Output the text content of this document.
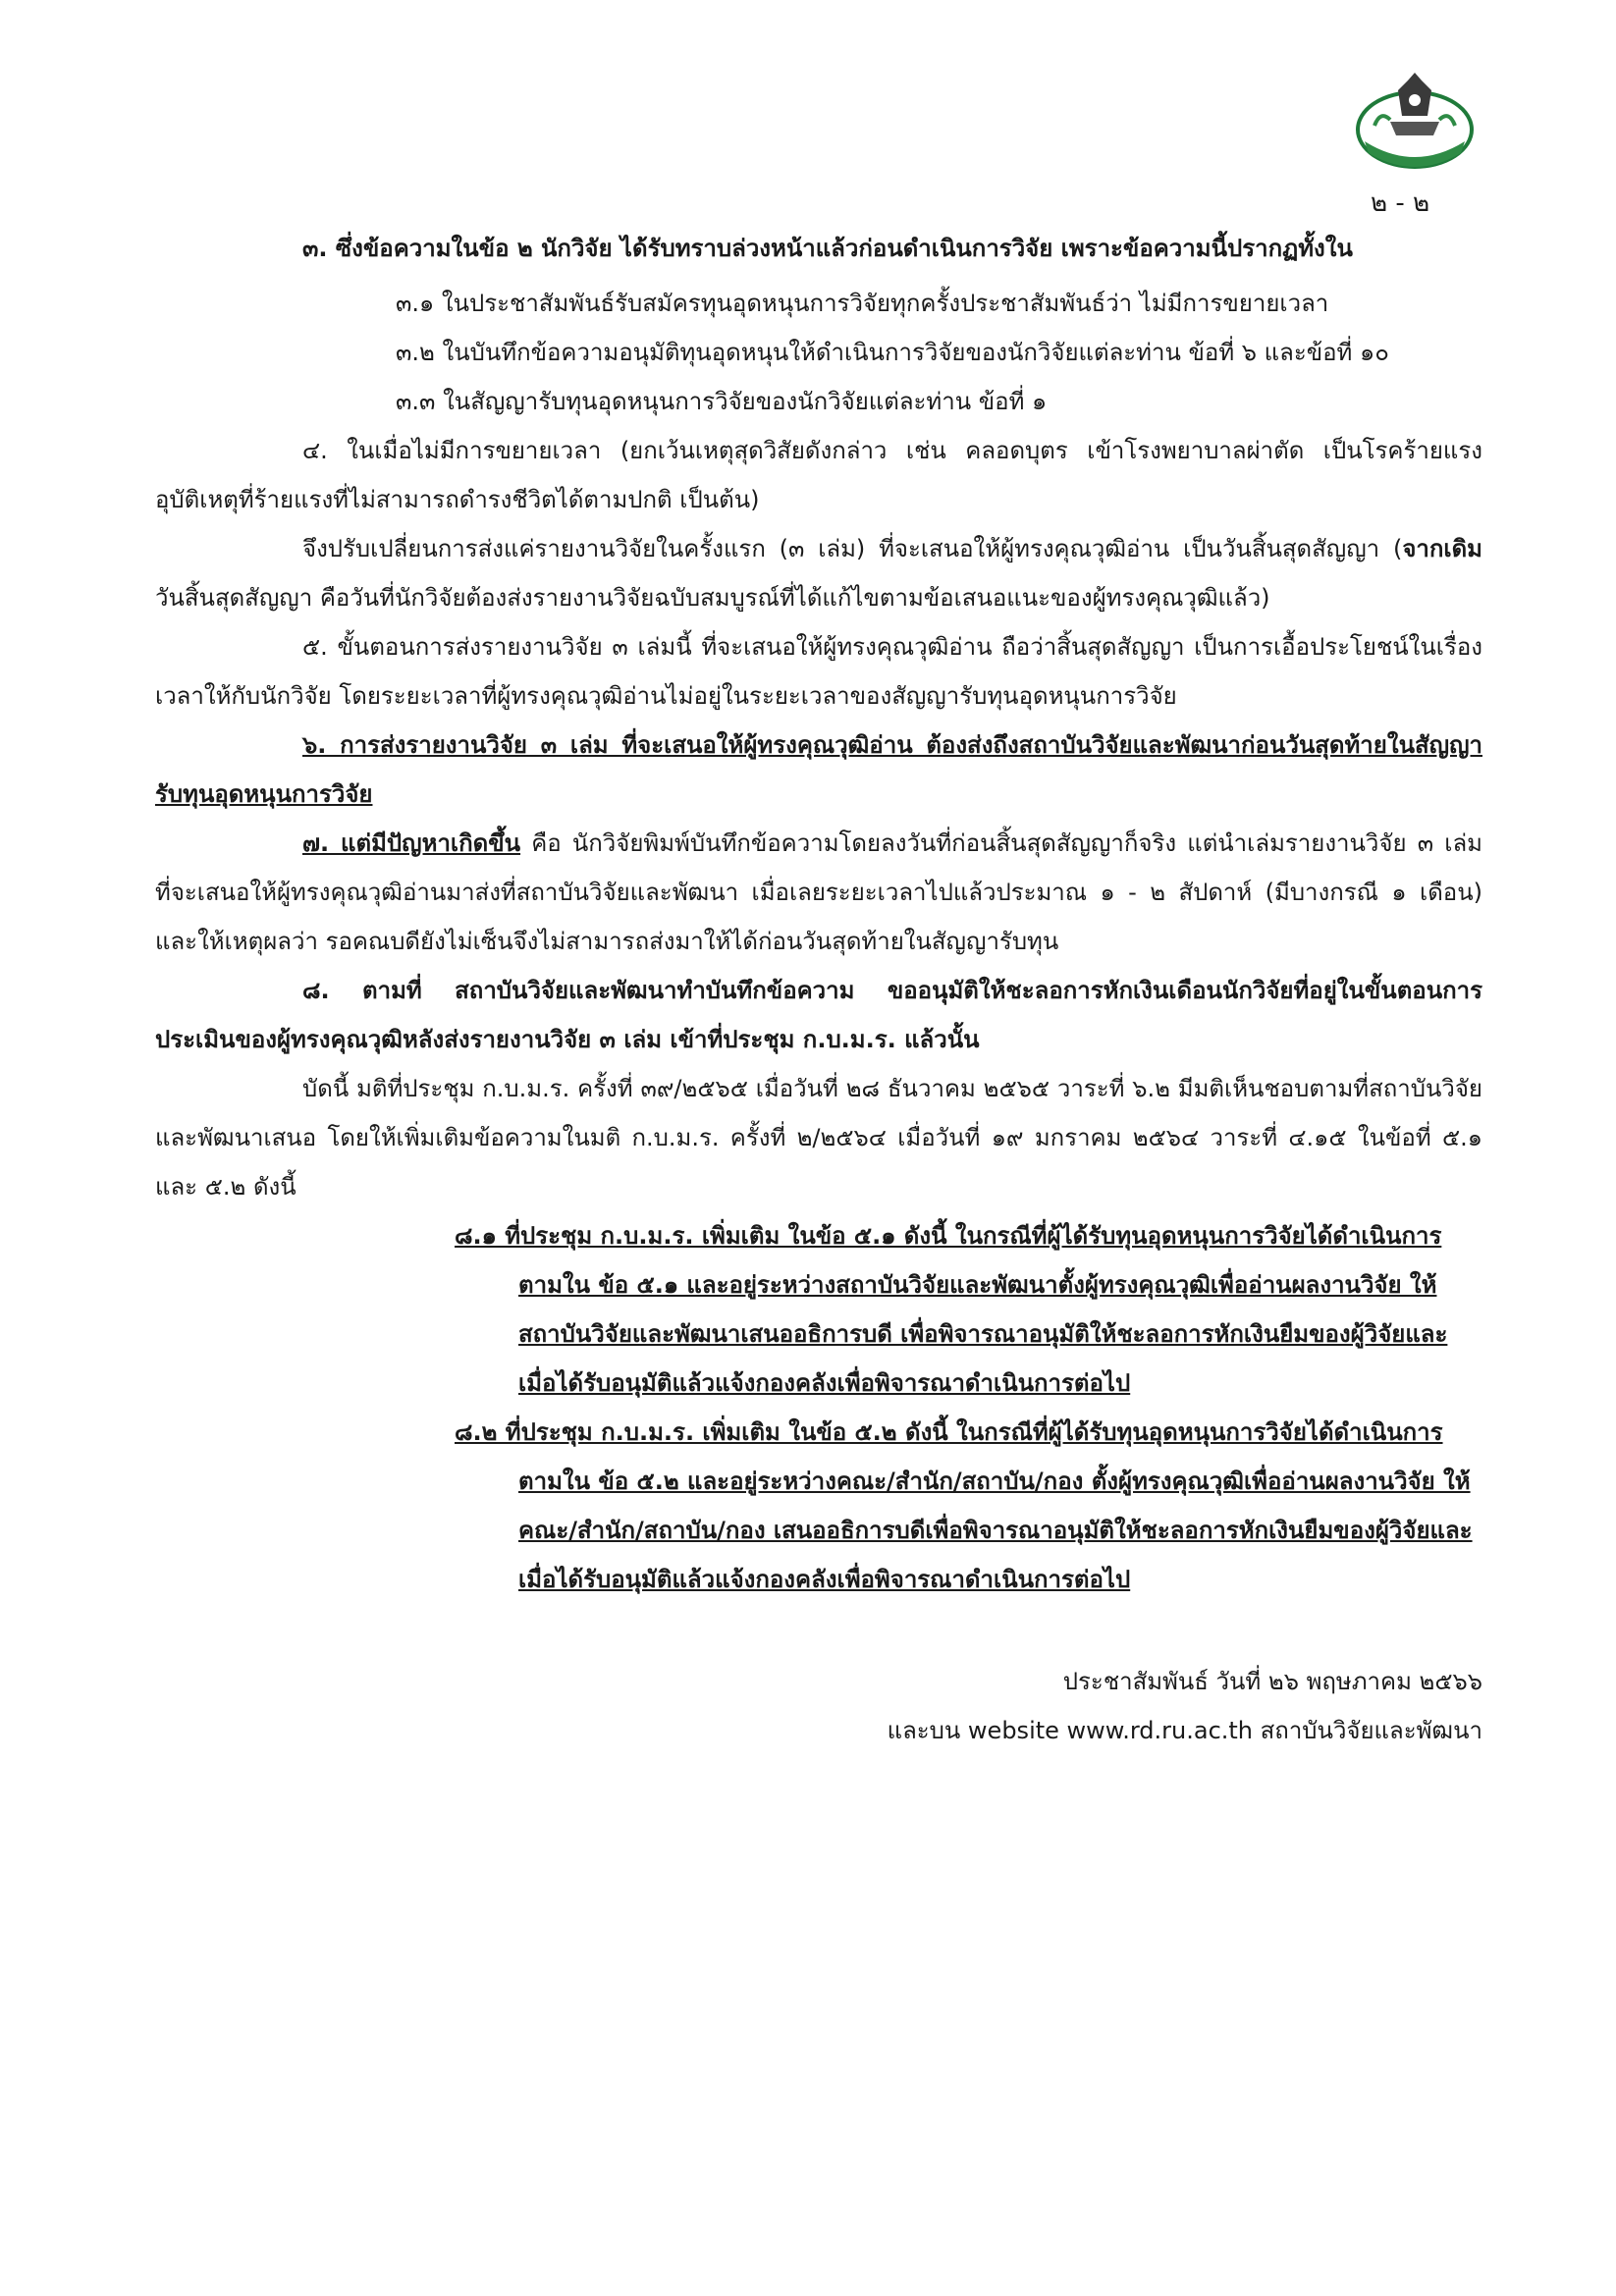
๒ - ๒

๓. ซึ่งข้อความในข้อ ๒ นักวิจัย ได้รับทราบล่วงหน้าแล้วก่อนดำเนินการวิจัย เพราะข้อความนี้ปรากฏทั้งใน

๓.๑ ในประชาสัมพันธ์รับสมัครทุนอุดหนุนการวิจัยทุกครั้งประชาสัมพันธ์ว่า ไม่มีการขยายเวลา

๓.๒ ในบันทึกข้อความอนุมัติทุนอุดหนุนให้ดำเนินการวิจัยของนักวิจัยแต่ละท่าน ข้อที่ ๖ และข้อที่ ๑๐

๓.๓ ในสัญญารับทุนอุดหนุนการวิจัยของนักวิจัยแต่ละท่าน ข้อที่ ๑

๔. ในเมื่อไม่มีการขยายเวลา (ยกเว้นเหตุสุดวิสัยดังกล่าว เช่น คลอดบุตร เข้าโรงพยาบาลผ่าตัด เป็นโรคร้ายแรง อุบัติเหตุที่ร้ายแรงที่ไม่สามารถดำรงชีวิตได้ตามปกติ เป็นต้น)

จึงปรับเปลี่ยนการส่งแค่รายงานวิจัยในครั้งแรก (๓ เล่ม) ที่จะเสนอให้ผู้ทรงคุณวุฒิอ่าน เป็นวันสิ้นสุดสัญญา (จากเดิม วันสิ้นสุดสัญญา คือวันที่นักวิจัยต้องส่งรายงานวิจัยฉบับสมบูรณ์ที่ได้แก้ไขตามข้อเสนอแนะของผู้ทรงคุณวุฒิแล้ว)

๕. ขั้นตอนการส่งรายงานวิจัย ๓ เล่มนี้ ที่จะเสนอให้ผู้ทรงคุณวุฒิอ่าน ถือว่าสิ้นสุดสัญญา เป็นการเอื้อประโยชน์ในเรื่องเวลาให้กับนักวิจัย โดยระยะเวลาที่ผู้ทรงคุณวุฒิอ่านไม่อยู่ในระยะเวลาของสัญญารับทุนอุดหนุนการวิจัย

๖. การส่งรายงานวิจัย ๓ เล่ม ที่จะเสนอให้ผู้ทรงคุณวุฒิอ่าน ต้องส่งถึงสถาบันวิจัยและพัฒนาก่อนวันสุดท้ายในสัญญารับทุนอุดหนุนการวิจัย

๗. แต่มีปัญหาเกิดขึ้น คือ นักวิจัยพิมพ์บันทึกข้อความโดยลงวันที่ก่อนสิ้นสุดสัญญาก็จริง แต่นำเล่มรายงานวิจัย ๓ เล่ม ที่จะเสนอให้ผู้ทรงคุณวุฒิอ่านมาส่งที่สถาบันวิจัยและพัฒนา เมื่อเลยระยะเวลาไปแล้วประมาณ ๑ - ๒ สัปดาห์ (มีบางกรณี ๑ เดือน) และให้เหตุผลว่า รอคณบดียังไม่เซ็นจึงไม่สามารถส่งมาให้ได้ก่อนวันสุดท้ายในสัญญารับทุน

๘. ตามที่ สถาบันวิจัยและพัฒนาทำบันทึกข้อความ ขออนุมัติให้ชะลอการหักเงินเดือนนักวิจัยที่อยู่ในขั้นตอนการประเมินของผู้ทรงคุณวุฒิหลังส่งรายงานวิจัย ๓ เล่ม เข้าที่ประชุม ก.บ.ม.ร. แล้วนั้น

บัดนี้ มติที่ประชุม ก.บ.ม.ร. ครั้งที่ ๓๙/๒๕๖๕ เมื่อวันที่ ๒๘ ธันวาคม ๒๕๖๕ วาระที่ ๖.๒ มีมติเห็นชอบตามที่สถาบันวิจัยและพัฒนาเสนอ โดยให้เพิ่มเติมข้อความในมติ ก.บ.ม.ร. ครั้งที่ ๒/๒๕๖๔ เมื่อวันที่ ๑๙ มกราคม ๒๕๖๔ วาระที่ ๔.๑๕ ในข้อที่ ๕.๑ และ ๕.๒ ดังนี้

๘.๑ ที่ประชุม ก.บ.ม.ร. เพิ่มเติม ในข้อ ๕.๑ ดังนี้ ในกรณีที่ผู้ได้รับทุนอุดหนุนการวิจัยได้ดำเนินการตามใน ข้อ ๕.๑ และอยู่ระหว่างสถาบันวิจัยและพัฒนาตั้งผู้ทรงคุณวุฒิเพื่ออ่านผลงานวิจัย ให้สถาบันวิจัยและพัฒนาเสนออธิการบดี เพื่อพิจารณาอนุมัติให้ชะลอการหักเงินยืมของผู้วิจัยและเมื่อได้รับอนุมัติแล้วแจ้งกองคลังเพื่อพิจารณาดำเนินการต่อไป

๘.๒ ที่ประชุม ก.บ.ม.ร. เพิ่มเติม ในข้อ ๕.๒ ดังนี้ ในกรณีที่ผู้ได้รับทุนอุดหนุนการวิจัยได้ดำเนินการตามใน ข้อ ๕.๒ และอยู่ระหว่างคณะ/สำนัก/สถาบัน/กอง ตั้งผู้ทรงคุณวุฒิเพื่ออ่านผลงานวิจัย ให้คณะ/สำนัก/สถาบัน/กอง เสนออธิการบดีเพื่อพิจารณาอนุมัติให้ชะลอการหักเงินยืมของผู้วิจัยและเมื่อได้รับอนุมัติแล้วแจ้งกองคลังเพื่อพิจารณาดำเนินการต่อไป

ประชาสัมพันธ์ วันที่ ๒๖ พฤษภาคม ๒๕๖๖

และบน website www.rd.ru.ac.th สถาบันวิจัยและพัฒนา
